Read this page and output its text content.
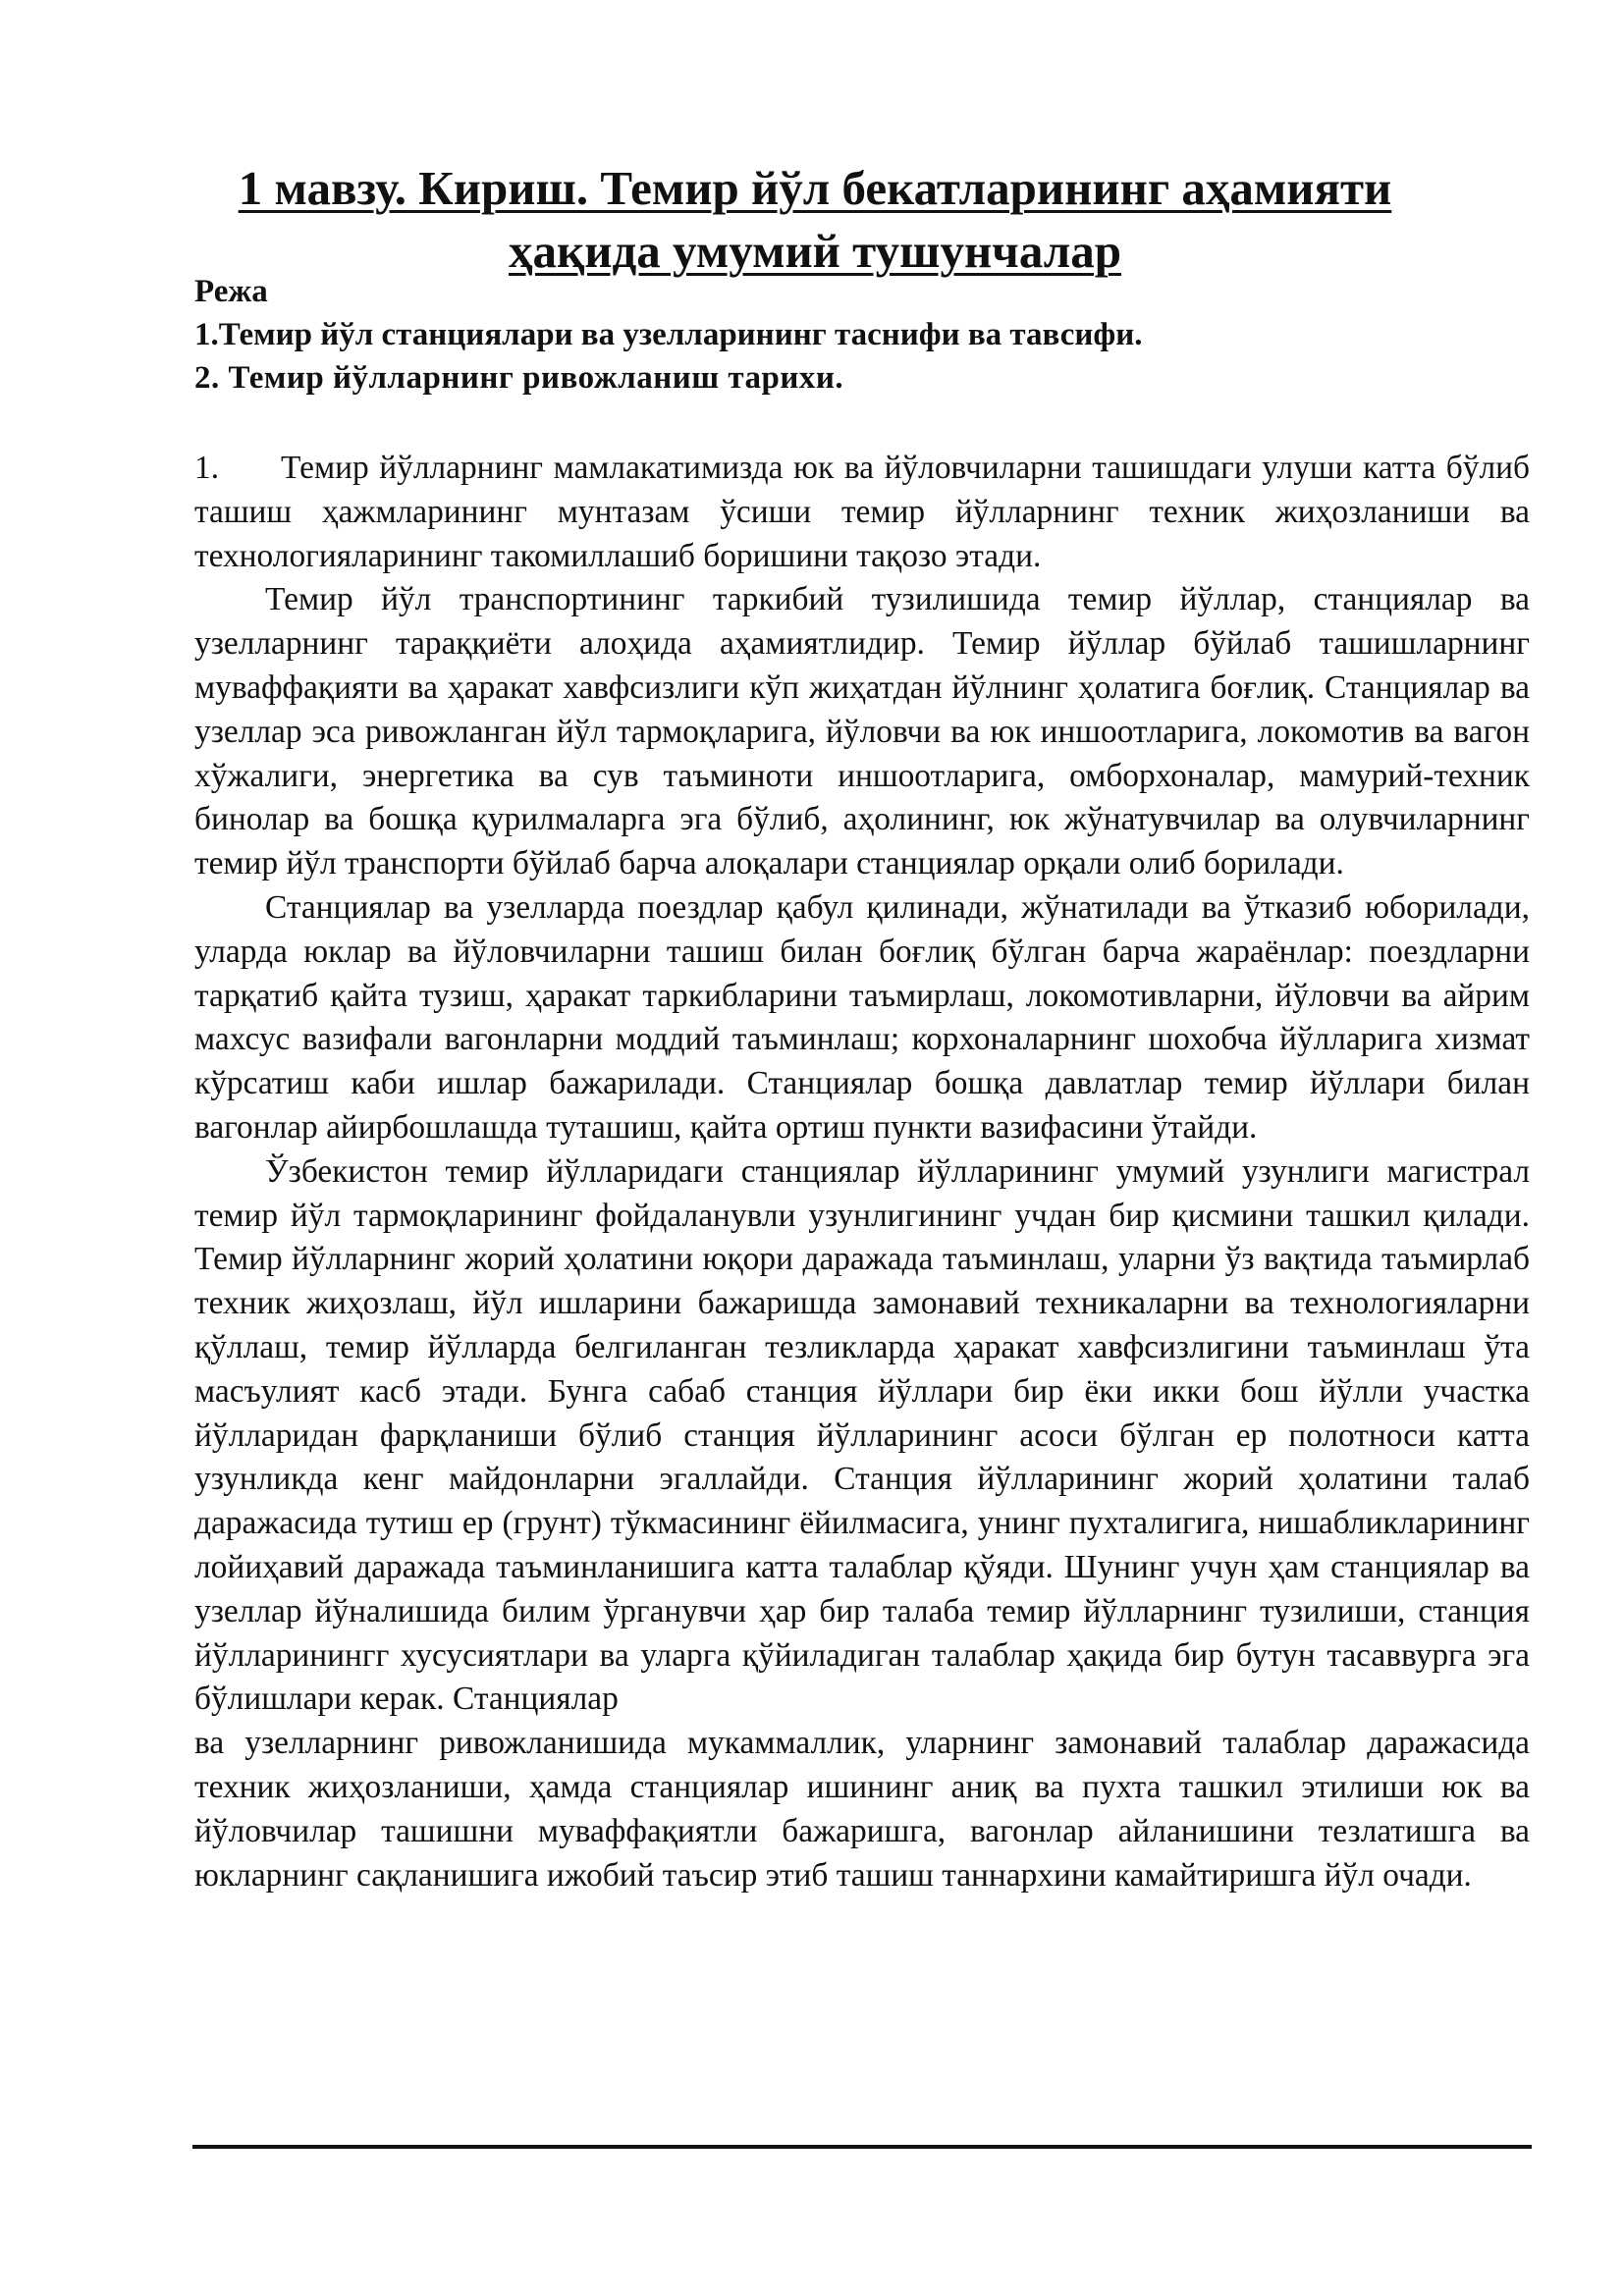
1 мавзу. Кириш. Темир йўл бекатларининг аҳамияти
ҳақида умумий тушунчалар
Режа
1.Темир йўл станциялари ва узелларининг таснифи ва тавсифи.
2. Темир йўлларнинг ривожланиш тарихи.

1. Темир йўлларнинг мамлакатимизда юк ва йўловчиларни ташишдаги улуши катта бўлиб ташиш ҳажмларининг мунтазам ўсиши темир йўлларнинг техник жиҳозланиши ва технологияларининг такомиллашиб боришини тақозо этади.

Темир йўл транспортининг таркибий тузилишида темир йўллар, станциялар ва узелларнинг тараққиёти алоҳида аҳамиятлидир. Темир йўллар бўйлаб ташишларнинг муваффақияти ва ҳаракат хавфсизлиги кўп жиҳатдан йўлнинг ҳолатига боғлиқ. Станциялар ва узеллар эса ривожланган йўл тармоқларига, йўловчи ва юк иншоотларига, локомотив ва вагон хўжалиги, энергетика ва сув таъминоти иншоотларига, омборхоналар, мамурий-техник бинолар ва бошқа қурилмаларга эга бўлиб, аҳолининг, юк жўнатувчилар ва олувчиларнинг темир йўл транспорти бўйлаб барча алоқалари станциялар орқали олиб борилади.

Станциялар ва узелларда поездлар қабул қилинади, жўнатилади ва ўтказиб юборилади, уларда юклар ва йўловчиларни ташиш билан боғлиқ бўлган барча жараёнлар: поездларни тарқатиб қайта тузиш, ҳаракат таркибларини таъмирлаш, локомотивларни, йўловчи ва айрим махсус вазифали вагонларни моддий таъминлаш; корхоналарнинг шохобча йўлларига хизмат кўрсатиш каби ишлар бажарилади. Станциялар бошқа давлатлар темир йўллари билан вагонлар айирбошлашда туташиш, қайта ортиш пункти вазифасини ўтайди.

Ўзбекистон темир йўлларидаги станциялар йўлларининг умумий узунлиги магистрал темир йўл тармоқларининг фойдаланувли узунлигининг учдан бир қисмини ташкил қилади. Темир йўлларнинг жорий ҳолатини юқори даражада таъминлаш, уларни ўз вақтида таъмирлаб техник жиҳозлаш, йўл ишларини бажаришда замонавий техникаларни ва технологияларни қўллаш, темир йўлларда белгиланган тезликларда ҳаракат хавфсизлигини таъминлаш ўта масъулият касб этади. Бунга сабаб станция йўллари бир ёки икки бош йўлли участка йўлларидан фарқланиши бўлиб станция йўлларининг асоси бўлган ер полотноси катта узунликда кенг майдонларни эгаллайди. Станция йўлларининг жорий ҳолатини талаб даражасида тутиш ер (грунт) тўкмасининг ёйилмасига, унинг пухталигига, нишабликларининг лойиҳавий даражада таъминланишига катта талаблар қўяди. Шунинг учун ҳам станциялар ва узеллар йўналишида билим ўрганувчи ҳар бир талаба темир йўлларнинг тузилиши, станция йўлларинингг хусусиятлари ва уларга қўйиладиган талаблар ҳақида бир бутун тасаввурга эга бўлишлари керак. Станциялар

ва узелларнинг ривожланишида мукаммаллик, уларнинг замонавий талаблар даражасида техник жиҳозланиши, ҳамда станциялар ишининг аниқ ва пухта ташкил этилиши юк ва йўловчилар ташишни муваффақиятли бажаришга, вагонлар айланишини тезлатишга ва юкларнинг сақланишига ижобий таъсир этиб ташиш таннархини камайтиришга йўл очади.
